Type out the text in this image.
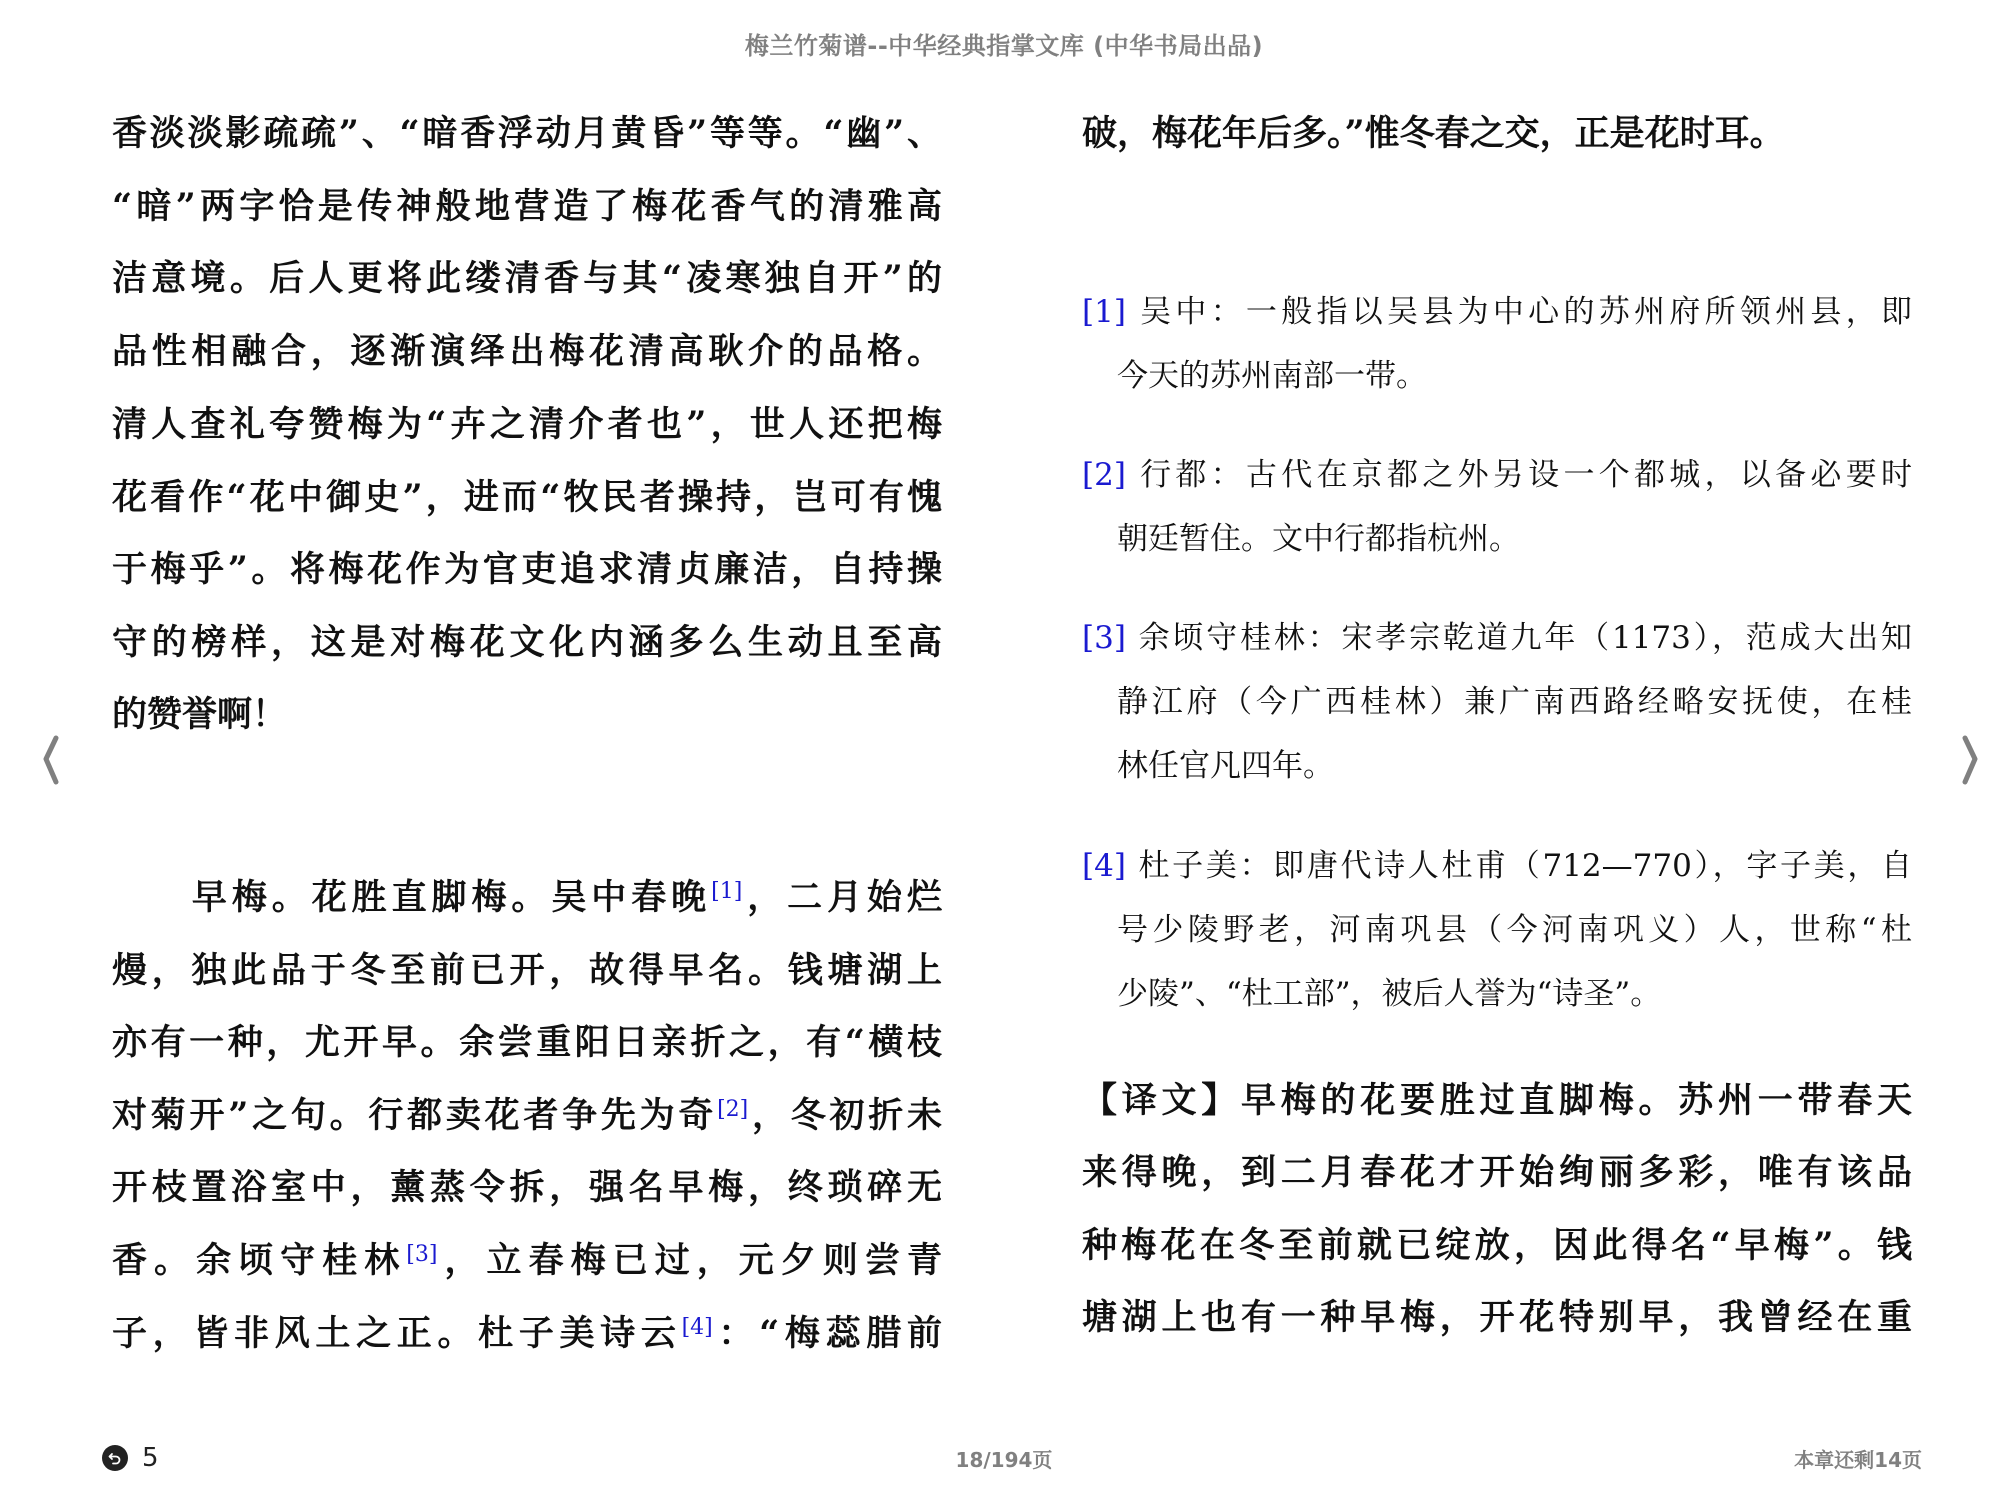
梅兰竹菊谱--中华经典指掌文库 (中华书局出品)
香淡淡影疏疏”、“暗香浮动月黄昏”等等。“幽”、
“暗”两字恰是传神般地营造了梅花香气的清雅高
洁意境。后人更将此缕清香与其“凌寒独自开”的
品性相融合，逐渐演绎出梅花清高耿介的品格。
清人查礼夸赞梅为“卉之清介者也”，世人还把梅
花看作“花中御史”，进而“牧民者操持，岂可有愧
于梅乎”。将梅花作为官吏追求清贞廉洁，自持操
守的榜样，这是对梅花文化内涵多么生动且至高
的赞誉啊！
　　早梅。花胜直脚梅。吴中春晚[1]，二月始烂
熳，独此品于冬至前已开，故得早名。钱塘湖上
亦有一种，尤开早。余尝重阳日亲折之，有“横枝
对菊开”之句。行都卖花者争先为奇[2]，冬初折未
开枝置浴室中，薰蒸令拆，强名早梅，终琐碎无
香。余顷守桂林[3]，立春梅已过，元夕则尝青
子，皆非风土之正。杜子美诗云[4]：“梅蕊腊前
破，梅花年后多。”惟冬春之交，正是花时耳。
[1] 吴中：一般指以吴县为中心的苏州府所领州县，即
今天的苏州南部一带。
[2] 行都：古代在京都之外另设一个都城，以备必要时
朝廷暂住。文中行都指杭州。
[3] 余顷守桂林：宋孝宗乾道九年（1173），范成大出知
静江府（今广西桂林）兼广南西路经略安抚使，在桂
林任官凡四年。
[4] 杜子美：即唐代诗人杜甫（712—770），字子美，自
号少陵野老，河南巩县（今河南巩义）人，世称“杜
少陵”、“杜工部”，被后人誉为“诗圣”。
【译文】早梅的花要胜过直脚梅。苏州一带春天
来得晚，到二月春花才开始绚丽多彩，唯有该品
种梅花在冬至前就已绽放，因此得名“早梅”。钱
塘湖上也有一种早梅，开花特别早，我曾经在重
5	18/194页	本章还剩14页
